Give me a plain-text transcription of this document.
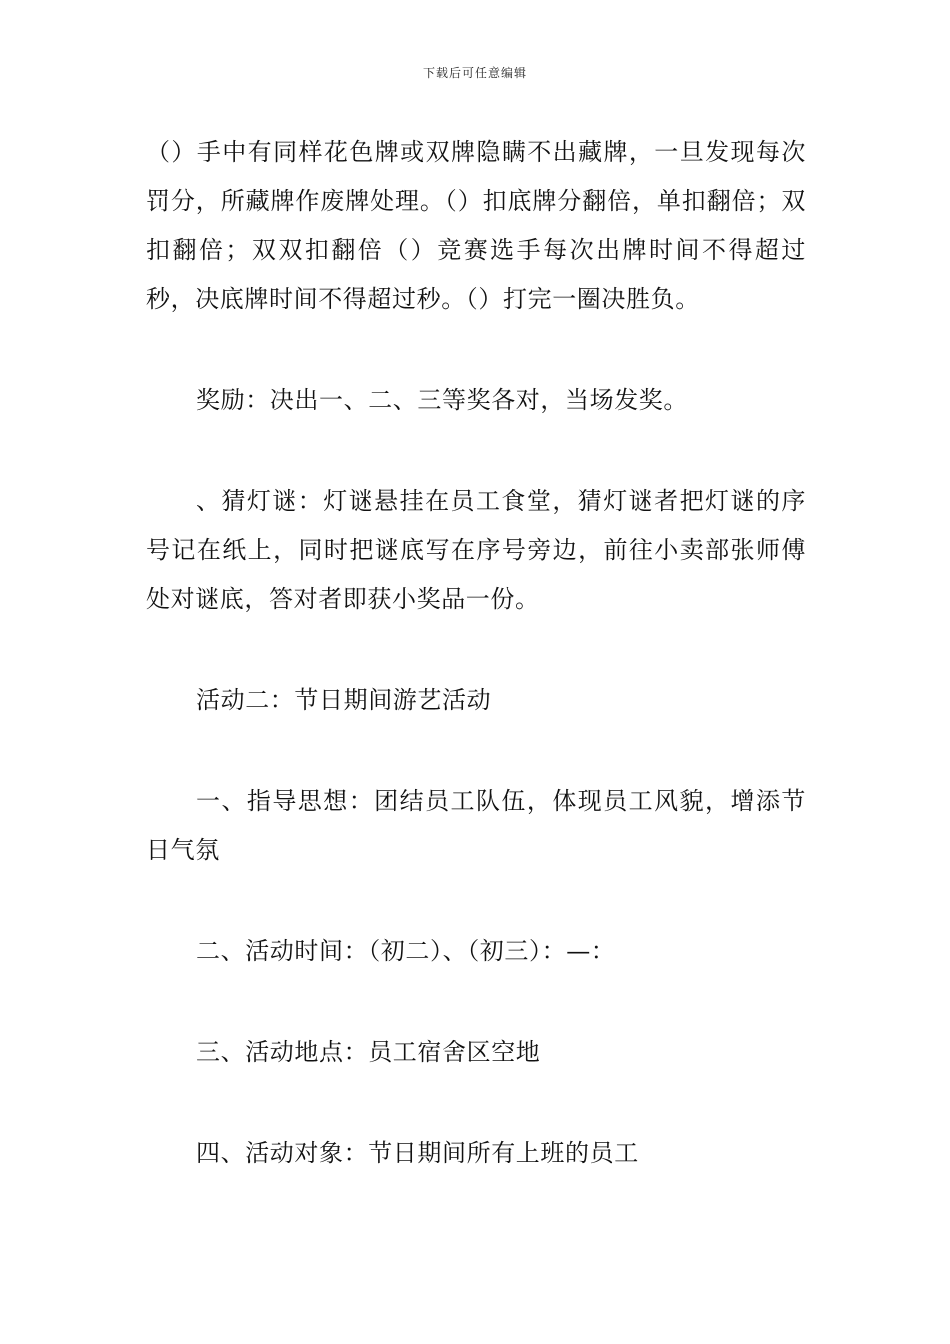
下载后可任意编辑

（）手中有同样花色牌或双牌隐瞒不出藏牌，一旦发现每次罚分，所藏牌作废牌处理。（）扣底牌分翻倍，单扣翻倍；双扣翻倍；双双扣翻倍（）竞赛选手每次出牌时间不得超过秒，决底牌时间不得超过秒。（）打完一圈决胜负。

奖励：决出一、二、三等奖各对，当场发奖。

、猜灯谜：灯谜悬挂在员工食堂，猜灯谜者把灯谜的序号记在纸上，同时把谜底写在序号旁边，前往小卖部张师傅处对谜底，答对者即获小奖品一份。

活动二：节日期间游艺活动

一、指导思想：团结员工队伍，体现员工风貌，增添节日气氛

二、活动时间：（初二）、（初三）：—：

三、活动地点：员工宿舍区空地

四、活动对象：节日期间所有上班的员工
